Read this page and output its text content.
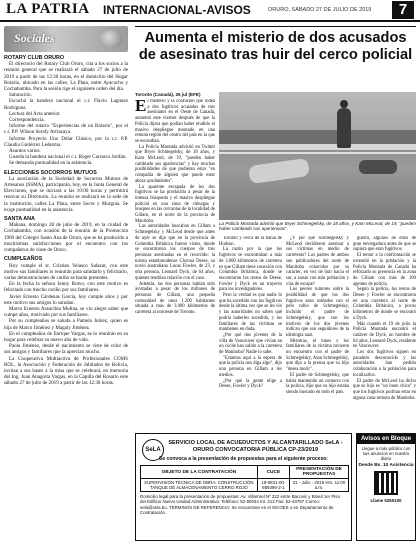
LA PATRIA INTERNACIONAL-AVISOS	ORURO, SÁBADO 27 DE JULIO DE 2019	7
Sociales
ROTARY CLUB ORURO

El directorio del Rotary Club Oruro, cita a los socios a la reunión general que se realizará el sábado 27 de julio de 2019 a partir de las 12:30 horas, en el domicilio del Hogar Rotario, ubicado en las calles, La Plata, entre Ayacucho y Cochabamba. Para la sesión rige el siguiente orden del día.

Salutación.

Escuchá la bandera nacional el c.r. Flavio Lagunez Rodríguez.

Lectura del Acta anterior.

Correspondencia.

Informe del rotario "Experiencias de un Rotario", por el c.r. P.P. Wilson Serafy Arriazaya.

Informe Proyecto Uno Dólar Clásico, por la c.r. P.P. Claudia Gutiérrez Ledezma.

Asuntos varios.

Guarda la bandera nacional el c.r. Roger Carrasco Jordán.

Se demanda puntualidad en la asistencia.

ELECCIONES SOCORROS MUTUOS

La asociación de la Sociedad de Socorros Mutuos de Artesanos (SSMA), participarán, hoy, en la Junta General de Elecciones, que se iniciará a las 10:00 horas y permitirá renovar su Directorio. La reunión se realizará en la sede de la institución, calles La Plata, entre Sucre y Murguía. Se exige puntualidad en la asistencia.

SANTA ANA

Mañana, domingo 28 de julio de 2019, en la ciudad de Cochabamba, con ocasión de la reunión de la Promoción 1969 del Colegio Santo Ana de Oruro, que se ha producido a muchísimas satisfacciones por el encuentro con los compañeros de clase de Oruro.

CUMPLEAÑOS

Hoy cumple el sr. Cristian Velasco Salazar, con este motivo sus familiares lo reunirán para saludarlo y felicitarlo, varias demostraciones de cariño se harán presentes.

En la fecha la señora Jenny Bravo, con este motivo es felicitada con mucho cariño por sus familiares.

Javier Ernesto Cárdenas García, hoy cumple años y por este motivo sus amigos lo saludan.

Marco Ernesto Arancibia Molina, se vio alegre saber que cumpe años, motivado por sus familiares.

Por su cumpleaños se saluda a Pamela Juárez, quien es hija de Marco Jiménez y Magaly Jiménez.

En el cumpleaños de Enrique Vargas, se lo reunirán en su hogar para celebrar su nuevo año de vida.

Paola Jiménez, desde el nacimiento se viste de color de sus amigos y familiares que la aprecian mucho.

La Cooperativa Multiactiva de Profesionales COMS ROL, la Asociación y Federación de Jubilados de Bolivia, invitan a sus bases a la misa que se celebrará, en memoria del Ing. Juan Anagoita Vargas, en la Capilla del Rosario este sábado 27 de julio de 2019 a partir de las 12:30 horas.

Aumenta el misterio de dos acusados de asesinato tras huir del cerco policial
Toronto (Canadá), 26 jul (EFE)

El misterio y la confusión que rodea a dos fugitivos acusados de tres asesinatos en el Oeste de Canadá, aumentó este viernes después de que la Policía dijera que podían haber eludido el masivo despliegue montado en una remota región del centro del país en la que se escondían.

La Policía Montada advirtió en Twitter que Bryer Schmegelsky, de 18 años, y Kam McLeod, de 19, "pueden haber cambiado sus apariencias" y hay muchas posibilidades de que pudieran estar "en compañía de alguien que puede estar ahora ayudándoles".

La aparente escapada de los dos fugitivos se ha producido a pesar de la intensa búsqueda y el masivo despliegue policial en una zona de ciénagas y bosques en las cercanías de la localidad de Gillam, en el norte de la provincia de Manitoba.

Las autoridades buscaban en Gillam a Schmegelsky y McLeod desde que antes de ayer se dijo que en la provincia de Columbia Británica fueron vistos, donde se encontraron los cuerpos de tres personas asesinadas en el recorrido: la turista estadounidense Chynna Deese, su novio australiano Lucas Fowler, de 23, y otra persona, Leonard Dyck, de 64 años, quienes tendrían relación con el caso.

Además, las dos personas habían sido avistadas a pesar de los millones de personas de Gillam, una pequeña comunidad de unos 1.200 habitantes situada a más de 3.000 kilómetros de carretera al noroeste de Toronto.

La Policía Montada advirtió que Bryer Schmegelsky, de 18 años, y Kam McLeod, de 19, "pueden haber cambiado sus apariencias".

Toronto y cerca de la bahía de Hudson.

La razón por la que los fugitivos se encontraban a más de 3.000 kilómetros de carretera es que Gillam tiene conexión con Columbia Británica, donde se encontraron los restos de Deese, Fowler y Dyck en un trayecto para los investigadores.

Pero la verdad es que nadie lo que ha sucedido con los fugitivos desde la última vez que se les vio y las autoridades no saben qué podría haberles sucedido, y los familiares de las víctimas se mantienen en duda.

¿Por qué dos jóvenes de la villa de Vancouver que vivían en un coche han salido a la carretera de Manitoba? Nadie lo sabe.

"Estamos aquí a la espera de que la policía nos diga algo", dijo una persona en Gillam a los medios.

¿Por qué la gente elige a Deese, Fowler y Dyck?

¿Y por qué Schmegelsky y McLeod decidieron asesinar a sus víctimas en medio de carreteras? Los padres de ambos son publicadores del norte de Manitoba conocidos por su carácter, en vez de huir hacia el sur, a zonas con más población y vías de escape?

Los peores rumores sobre la posibilidad de que los dos fugitivos sean soldados con el pelo rubio de Schmegelsky, incluido el padre de Schmegelsky, que con los motivos de los dos jóvenes indican que son seguidores de la ideología nazi.

Mientras, el lunes y los familiares de la víctima tuvieron un encuentro con el padre de Schmegelsky, Alan Schmegelsky, que dijo a la prensa que su hijo "desea morir".

El padre de Schmegelsky, que había mantenido un contacto con la policía, dijo que su hijo estaba siendo buscado en todo el país.

guerra, algunos de ellos de gran envergadura antes de que se supiera que eran fugitivos.

El temor a la confrontación se extendió en la población y la Policía Montada de Canadá ha reforzado su presencia en la zona de Gillam con más de 100 agentes de policía.

Según la policía, los restos de Deese y Fowler se encontraron en una carretera al norte de Columbia Británica, a pocos kilómetros de donde se encontró a Dyck.

Más cuando el 19 de julio la Policía Montada encontró el cadáver de Dyck, un hombre de 64 años, Leonard Dyck, residente en Vancouver.

Los dos fugitivos siguen en paradero desconocido y las autoridades han pedido colaboración a la población para localizarlos.

El padre de McLeod ha dicho que su hijo es "un buen chico" y que los fugitivos podrían estar en alguna zona remota de Manitoba.

SeLA
SERVICIO LOCAL DE ACUEDUCTOS Y ALCANTARILLADO SeLA - ORURO CONVOCATORIA PÚBLICA CP-23/2019
Se convoca a la presentación de propuestas para el siguiente proceso:
OBJETO DE LA CONTRATACIÓN	CUCE	PRESENTACIÓN DE PROPUESTAS
SUPERVISIÓN TÉCNICA DE OBRA: CONSTRUCCIÓN TANQUE DE ALMACENAMIENTO CERRO ROJO	19-0831-00-959396-2-1	31 - Julio - 2019 Hrs. 11:00 a.m.
Domicilio legal para la presentación de propuestas: Av. Villarroel Nº 222 entre Bacovic y Brasil 1er Piso del Edificio Nuevo Unidad Administrativa. Teléfono: 52-50044 Int. 212 Fax: 52-43787 Correo: sela@sela.bo. TÉRMINOS DE REFERENCIA: Se encuentran en el SICOES o en Departamento de Contratación.
Avisos en Bloque
Llegue a más público con sus anuncios en nuestro diario
Desde Bs. 10 Asistencia
Llame 5250100
